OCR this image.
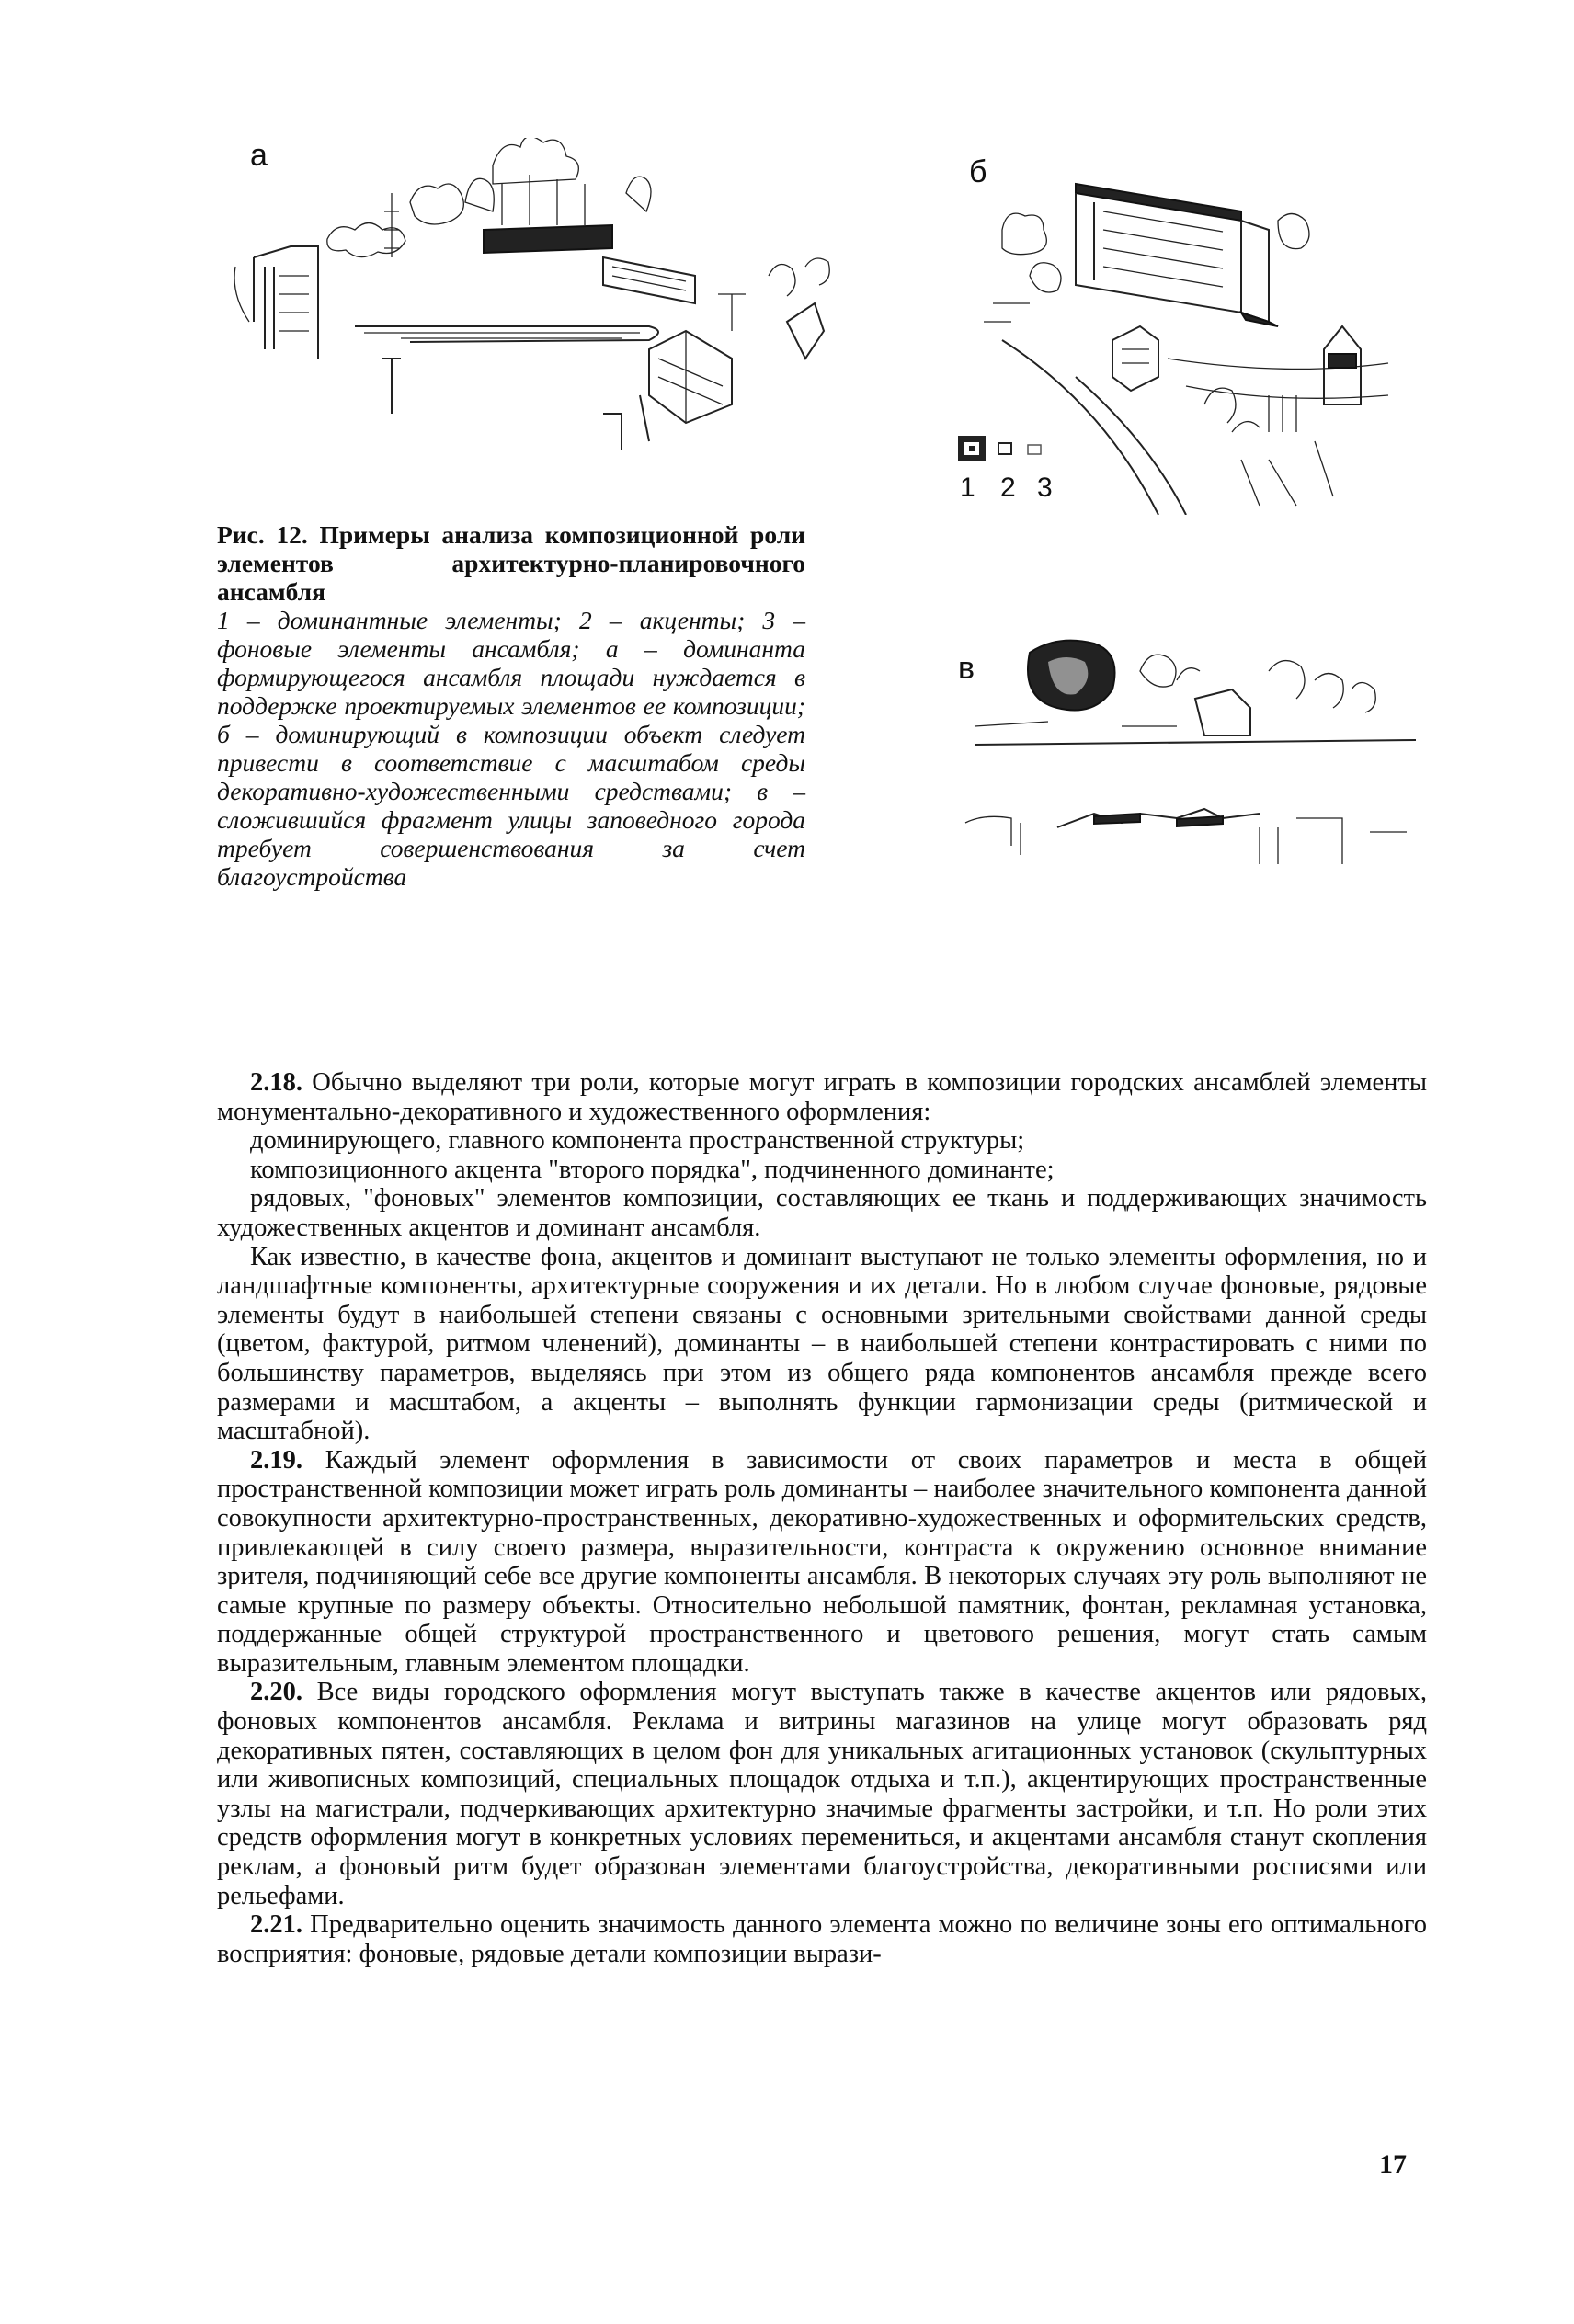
а	б
в
1 2 3

Рис. 12. Примеры анализа композиционной роли элементов архитектурно-планировочного ансамбля

1 – доминантные элементы; 2 – акценты; 3 – фоновые элементы ансамбля; а – доминанта формирующегося ансамбля площади нуждается в поддержке проектируемых элементов ее композиции; б – доминирующий в композиции объект следует привести в соответствие с масштабом среды декоративно-художественными средствами; в – сложившийся фрагмент улицы заповедного города требует совершенствования за счет благоустройства

2.18. Обычно выделяют три роли, которые могут играть в композиции городских ансамблей элементы монументально-декоративного и художественного оформления:

доминирующего, главного компонента пространственной структуры;

композиционного акцента "второго порядка", подчиненного доминанте;

рядовых, "фоновых" элементов композиции, составляющих ее ткань и поддерживающих значимость художественных акцентов и доминант ансамбля.

Как известно, в качестве фона, акцентов и доминант выступают не только элементы оформления, но и ландшафтные компоненты, архитектурные сооружения и их детали. Но в любом случае фоновые, рядовые элементы будут в наибольшей степени связаны с основными зрительными свойствами данной среды (цветом, фактурой, ритмом членений), доминанты – в наибольшей степени контрастировать с ними по большинству параметров, выделяясь при этом из общего ряда компонентов ансамбля прежде всего размерами и масштабом, а акценты – выполнять функции гармонизации среды (ритмической и масштабной).

2.19. Каждый элемент оформления в зависимости от своих параметров и места в общей пространственной композиции может играть роль доминанты – наиболее значительного компонента данной совокупности архитектурно-пространственных, декоративно-художественных и оформительских средств, привлекающей в силу своего размера, выразительности, контраста к окружению основное внимание зрителя, подчиняющий себе все другие компоненты ансамбля. В некоторых случаях эту роль выполняют не самые крупные по размеру объекты. Относительно небольшой памятник, фонтан, рекламная установка, поддержанные общей структурой пространственного и цветового решения, могут стать самым выразительным, главным элементом площадки.

2.20. Все виды городского оформления могут выступать также в качестве акцентов или рядовых, фоновых компонентов ансамбля. Реклама и витрины магазинов на улице могут образовать ряд декоративных пятен, составляющих в целом фон для уникальных агитационных установок (скульптурных или живописных композиций, специальных площадок отдыха и т.п.), акцентирующих пространственные узлы на магистрали, подчеркивающих архитектурно значимые фрагменты застройки, и т.п. Но роли этих средств оформления могут в конкретных условиях перемениться, и акцентами ансамбля станут скопления реклам, а фоновый ритм будет образован элементами благоустройства, декоративными росписями или рельефами.

2.21. Предварительно оценить значимость данного элемента можно по величине зоны его оптимального восприятия: фоновые, рядовые детали композиции вырази-

17
